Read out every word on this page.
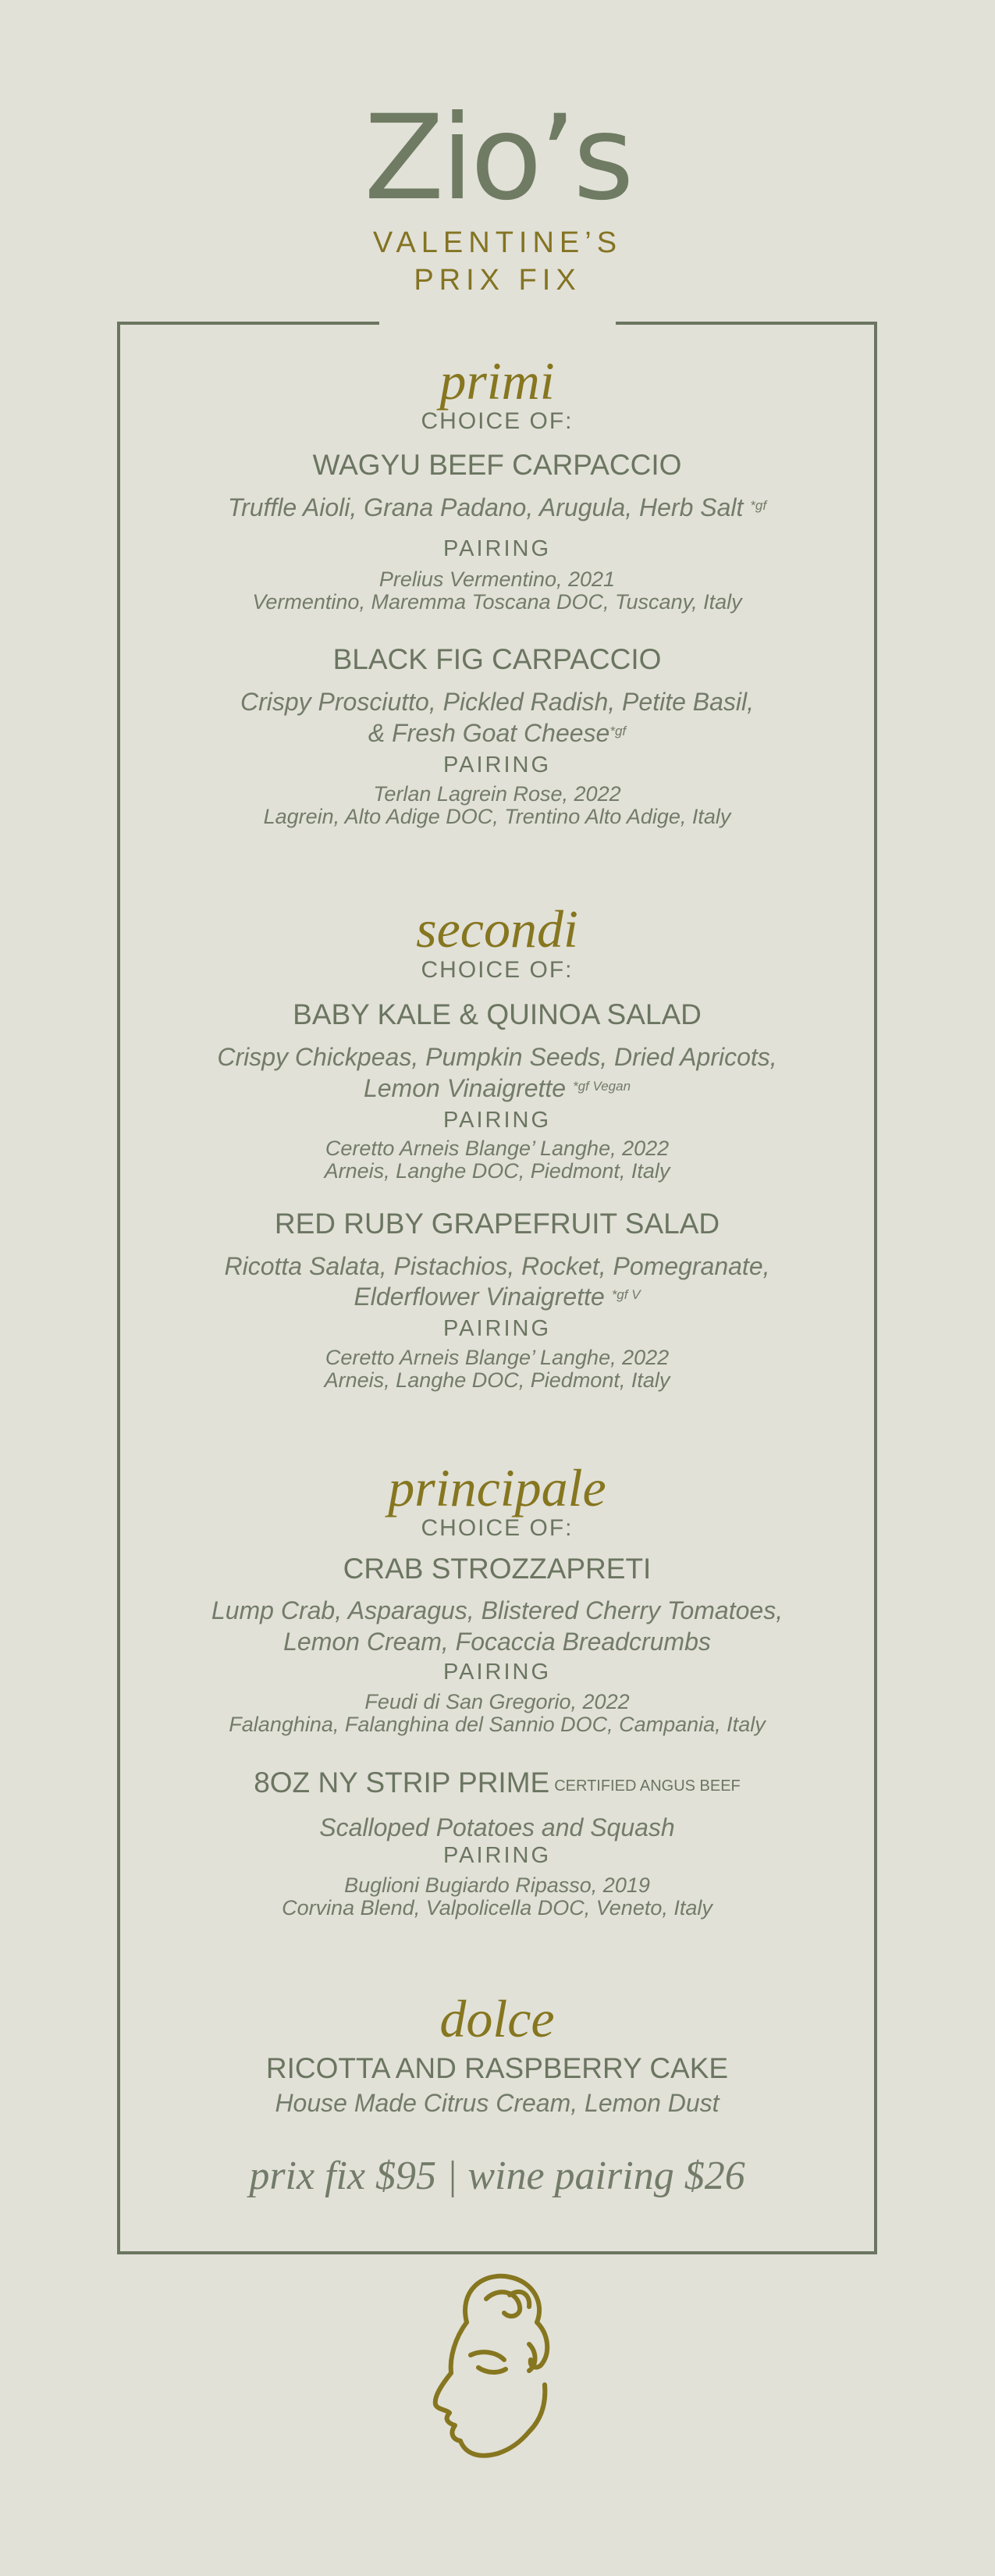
Zio’s
VALENTINE’S
PRIX FIX
primi
CHOICE OF:
WAGYU BEEF CARPACCIO
Truffle Aioli, Grana Padano, Arugula, Herb Salt $^{*gf}$
PAIRING
Prelius Vermentino, 2021
Vermentino, Maremma Toscana DOC, Tuscany, Italy
BLACK FIG CARPACCIO
Crispy Prosciutto, Pickled Radish, Petite Basil,
& Fresh Goat Cheese$^{*gf}$
PAIRING
Terlan Lagrein Rose, 2022
Lagrein, Alto Adige DOC, Trentino Alto Adige, Italy
secondi
CHOICE OF:
BABY KALE & QUINOA SALAD
Crispy Chickpeas, Pumpkin Seeds, Dried Apricots,
Lemon Vinaigrette $^{*gf Vegan}$
PAIRING
Ceretto Arneis Blange’ Langhe, 2022
Arneis, Langhe DOC, Piedmont, Italy
RED RUBY GRAPEFRUIT SALAD
Ricotta Salata, Pistachios, Rocket, Pomegranate,
Elderflower Vinaigrette $^{*gf V}$
PAIRING
Ceretto Arneis Blange’ Langhe, 2022
Arneis, Langhe DOC, Piedmont, Italy
principale
CHOICE OF:
CRAB STROZZAPRETI
Lump Crab, Asparagus, Blistered Cherry Tomatoes,
Lemon Cream, Focaccia Breadcrumbs
PAIRING
Feudi di San Gregorio, 2022
Falanghina, Falanghina del Sannio DOC, Campania, Italy
8OZ NY STRIP PRIME $^{CERTIFIED ANGUS BEEF}$
Scalloped Potatoes and Squash
PAIRING
Buglioni Bugiardo Ripasso, 2019
Corvina Blend, Valpolicella DOC, Veneto, Italy
dolce
RICOTTA AND RASPBERRY CAKE
House Made Citrus Cream, Lemon Dust
prix fix $95 | wine pairing $26
